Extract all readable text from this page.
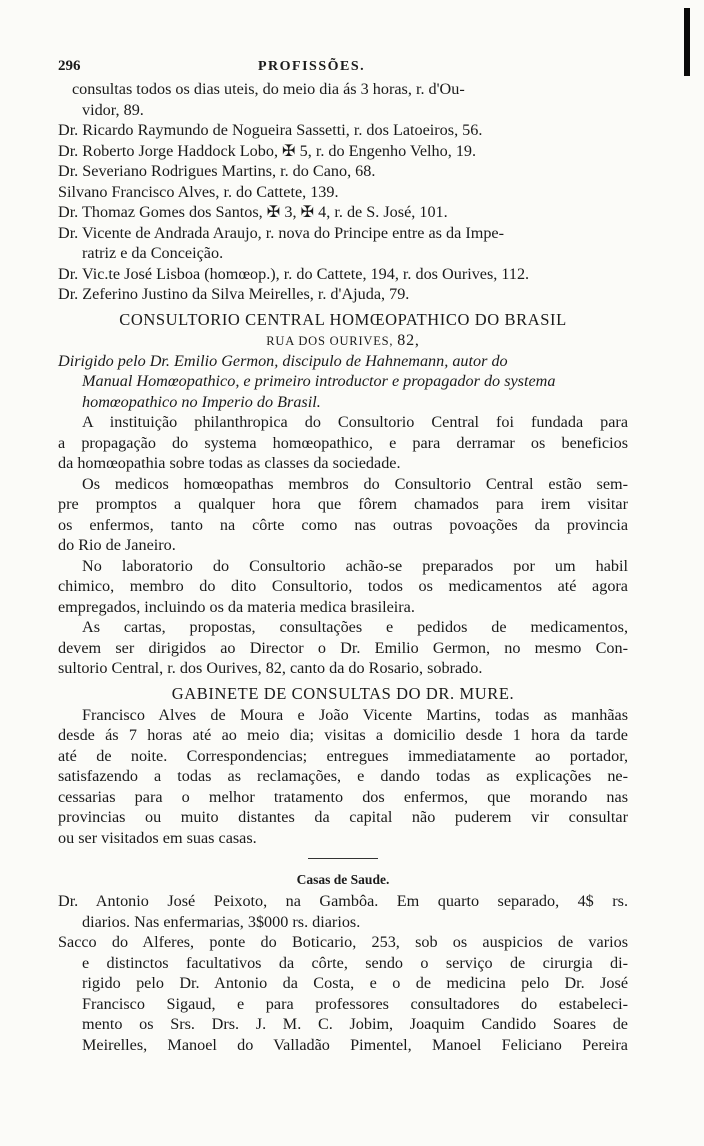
296	PROFISSÕES.
consultas todos os dias uteis, do meio dia ás 3 horas, r. d'Ou-
vidor, 89.
Dr. Ricardo Raymundo de Nogueira Sassetti, r. dos Latoeiros, 56.
Dr. Roberto Jorge Haddock Lobo, ✠ 5, r. do Engenho Velho, 19.
Dr. Severiano Rodrigues Martins, r. do Cano, 68.
Silvano Francisco Alves, r. do Cattete, 139.
Dr. Thomaz Gomes dos Santos, ✠ 3, ✠ 4, r. de S. José, 101.
Dr. Vicente de Andrada Araujo, r. nova do Principe entre as da Impe-
ratriz e da Conceição.
Dr. Vic.te José Lisboa (homœop.), r. do Cattete, 194, r. dos Ourives, 112.
Dr. Zeferino Justino da Silva Meirelles, r. d'Ajuda, 79.
CONSULTORIO CENTRAL HOMŒOPATHICO DO BRASIL
RUA DOS OURIVES, 82,
Dirigido pelo Dr. Emilio Germon, discipulo de Hahnemann, autor do
Manual Homœopathico, e primeiro introductor e propagador do systema
homœopathico no Imperio do Brasil.
A instituição philanthropica do Consultorio Central foi fundada para
a propagação do systema homœopathico, e para derramar os beneficios
da homœopathia sobre todas as classes da sociedade.
Os medicos homœopathas membros do Consultorio Central estão sem-
pre promptos a qualquer hora que fôrem chamados para irem visitar
os enfermos, tanto na côrte como nas outras povoações da provincia
do Rio de Janeiro.
No laboratorio do Consultorio achão-se preparados por um habil
chimico, membro do dito Consultorio, todos os medicamentos até agora
empregados, incluindo os da materia medica brasileira.
As cartas, propostas, consultações e pedidos de medicamentos,
devem ser dirigidos ao Director o Dr. Emilio Germon, no mesmo Con-
sultorio Central, r. dos Ourives, 82, canto da do Rosario, sobrado.
GABINETE DE CONSULTAS DO DR. MURE.
Francisco Alves de Moura e João Vicente Martins, todas as manhãas
desde ás 7 horas até ao meio dia; visitas a domicilio desde 1 hora da tarde
até de noite. Correspondencias; entregues immediatamente ao portador,
satisfazendo a todas as reclamações, e dando todas as explicações ne-
cessarias para o melhor tratamento dos enfermos, que morando nas
provincias ou muito distantes da capital não puderem vir consultar
ou ser visitados em suas casas.
Casas de Saude.
Dr. Antonio José Peixoto, na Gambôa. Em quarto separado, 4$ rs.
diarios. Nas enfermarias, 3$000 rs. diarios.
Sacco do Alferes, ponte do Boticario, 253, sob os auspicios de varios
e distinctos facultativos da côrte, sendo o serviço de cirurgia di-
rigido pelo Dr. Antonio da Costa, e o de medicina pelo Dr. José
Francisco Sigaud, e para professores consultadores do estabeleci-
mento os Srs. Drs. J. M. C. Jobim, Joaquim Candido Soares de
Meirelles, Manoel do Valladão Pimentel, Manoel Feliciano Pereira
